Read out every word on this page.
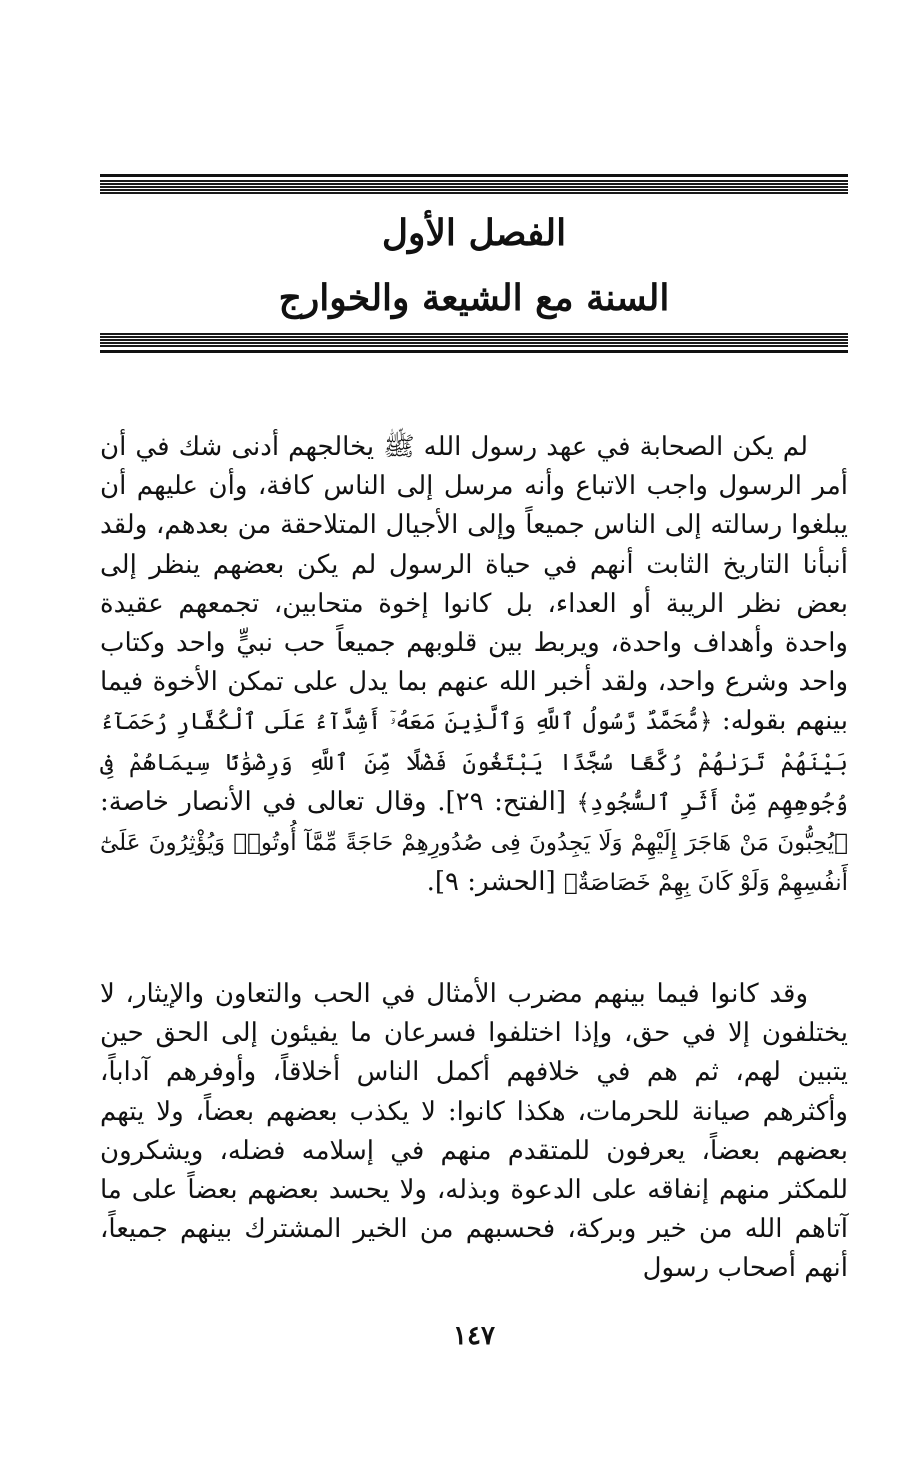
الفصل الأول
السنة مع الشيعة والخوارج

لم يكن الصحابة في عهد رسول الله ﷺ يخالجهم أدنى شك في أن أمر الرسول واجب الاتباع وأنه مرسل إلى الناس كافة، وأن عليهم أن يبلغوا رسالته إلى الناس جميعاً وإلى الأجيال المتلاحقة من بعدهم، ولقد أنبأنا التاريخ الثابت أنهم في حياة الرسول لم يكن بعضهم ينظر إلى بعض نظر الريبة أو العداء، بل كانوا إخوة متحابين، تجمعهم عقيدة واحدة وأهداف واحدة، ويربط بين قلوبهم جميعاً حب نبيٍّ واحد وكتاب واحد وشرع واحد، ولقد أخبر الله عنهم بما يدل على تمكن الأخوة فيما بينهم بقوله: ﴿مُّحَمَّدٌ رَّسُولُ ٱللَّهِ وَٱلَّذِينَ مَعَهُۥٓ أَشِدَّآءُ عَلَى ٱلْكُفَّارِ رُحَمَآءُ بَيْنَهُمْ تَرَىٰهُمْ رُكَّعًا سُجَّدًا يَبْتَغُونَ فَضْلًا مِّنَ ٱللَّهِ وَرِضْوَٰنًا سِيمَاهُمْ فِى وُجُوهِهِم مِّنْ أَثَرِ ٱلسُّجُودِ﴾ [الفتح: ٢٩]. وقال تعالى في الأنصار خاصة: ﴿يُحِبُّونَ مَنْ هَاجَرَ إِلَيْهِمْ وَلَا يَجِدُونَ فِى صُدُورِهِمْ حَاجَةً مِّمَّآ أُوتُوا۟ وَيُؤْثِرُونَ عَلَىٰٓ أَنفُسِهِمْ وَلَوْ كَانَ بِهِمْ خَصَاصَةٌ﴾ [الحشر: ٩].

وقد كانوا فيما بينهم مضرب الأمثال في الحب والتعاون والإيثار، لا يختلفون إلا في حق، وإذا اختلفوا فسرعان ما يفيئون إلى الحق حين يتبين لهم، ثم هم في خلافهم أكمل الناس أخلاقاً، وأوفرهم آداباً، وأكثرهم صيانة للحرمات، هكذا كانوا: لا يكذب بعضهم بعضاً، ولا يتهم بعضهم بعضاً، يعرفون للمتقدم منهم في إسلامه فضله، ويشكرون للمكثر منهم إنفاقه على الدعوة وبذله، ولا يحسد بعضهم بعضاً على ما آتاهم الله من خير وبركة، فحسبهم من الخير المشترك بينهم جميعاً، أنهم أصحاب رسول

١٤٧
